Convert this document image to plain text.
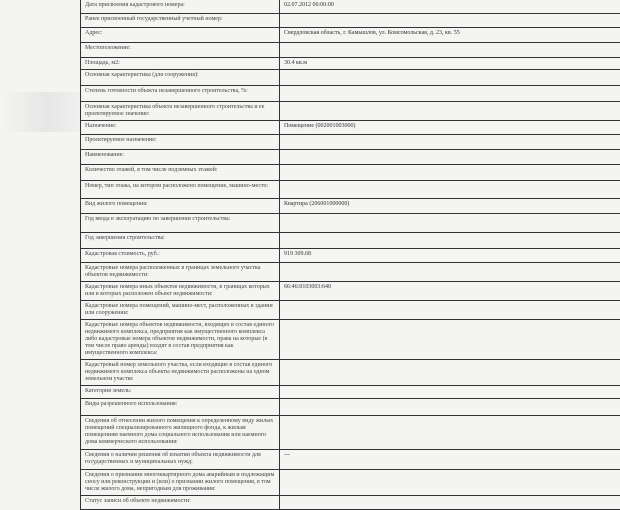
Дата присвоения кадастрового номера:	02.07.2012 00:00:00
Ранее присвоенный государственный учетный номер:	
Адрес:	Свердловская область, г. Камышлов, ул. Комсомольская, д. 23, кв. 55
Местоположение:	
Площадь, м2:	30.4 кв.м
Основная характеристика (для сооружения):	
Степень готовности объекта незавершенного строительства, %:	
Основная характеристика объекта незавершенного строительства и ее проектируемое значение:	
Назначение:	Помещение (002001003000)
Проектируемое назначение:	
Наименование:	
Количество этажей, в том числе подземных этажей:	
Номер, тип этажа, на котором расположено помещение, машино-место:	
Вид жилого помещения:	Квартира (206001000000)
Год ввода в эксплуатацию по завершении строительства:	
Год завершения строительства:	
Кадастровая стоимость, руб.:	919 309.68
Кадастровые номера расположенных в границах земельного участка объектов недвижимости:	
Кадастровые номера иных объектов недвижимости, в границах которых или в которых расположен объект недвижимости:	66:46:0103003:640
Кадастровые номера помещений, машино-мест, расположенных в здании или сооружении:	
Кадастровые номера объектов недвижимости, входящих в состав единого недвижимого комплекса, предприятия как имущественного комплекса либо кадастровые номера объектов недвижимости, права на которые (в том числе право аренды) входят в состав предприятия как имущественного комплекса:	
Кадастровый номер земельного участка, если входящие в состав единого недвижимого комплекса объекты недвижимости расположены на одном земельном участке	
Категория земель:	
Виды разрешенного использования:	
Сведения об отнесении жилого помещения к определенному виду жилых помещений специализированного жилищного фонда, к жилым помещениям наемного дома социального использования или наемного дома коммерческого использования:	
Сведения о наличии решения об изъятии объекта недвижимости для государственных и муниципальных нужд:	---
Сведения о признании многоквартирного дома аварийным и подлежащим сносу или реконструкции и (или) о признании жилого помещения, в том числе жилого дома, непригодным для проживания:	
Статус записи об объекте недвижимости:	
